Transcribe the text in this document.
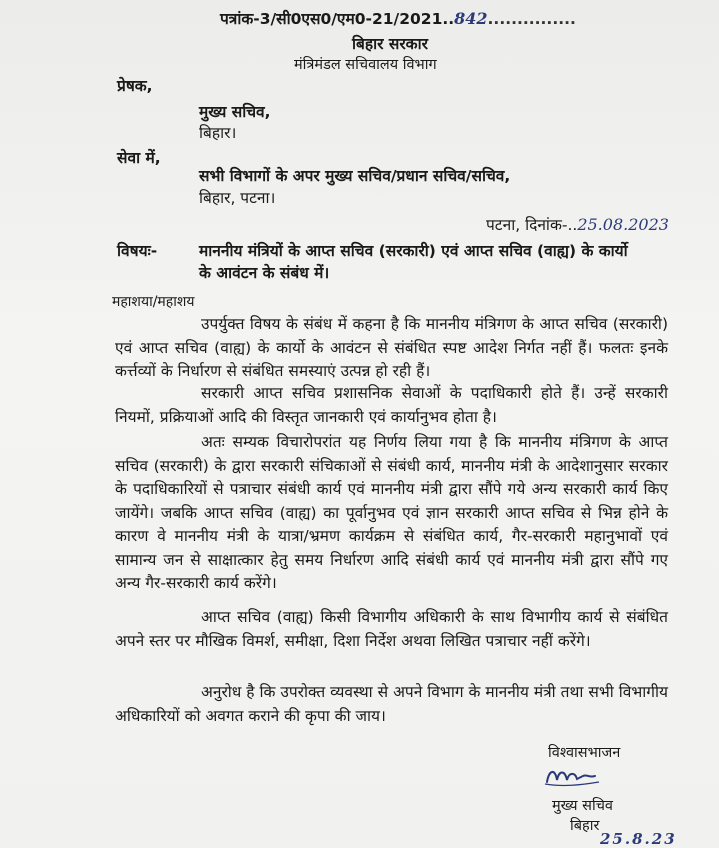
पत्रांक-3/सी0एस0/एम0-21/2021..842...............
बिहार सरकार
मंत्रिमंडल सचिवालय विभाग
प्रेषक,
मुख्य सचिव,
बिहार।
सेवा में,
सभी विभागों के अपर मुख्य सचिव/प्रधान सचिव/सचिव,
बिहार, पटना।
पटना, दिनांक-..25.08.2023
विषयः-	माननीय मंत्रियों के आप्त सचिव (सरकारी) एवं आप्त सचिव (वाह्य) के कार्यो
के आवंटन के संबंध में।
महाशया/महाशय
उपर्युक्त विषय के संबंध में कहना है कि माननीय मंत्रिगण के आप्त सचिव (सरकारी) एवं आप्त सचिव (वाह्य) के कार्यो के आवंटन से संबंधित स्पष्ट आदेश निर्गत नहीं हैं। फलतः इनके कर्त्तव्यों के निर्धारण से संबंधित समस्याएं उत्पन्न हो रही हैं।
सरकारी आप्त सचिव प्रशासनिक सेवाओं के पदाधिकारी होते हैं। उन्हें सरकारी नियमों, प्रक्रियाओं आदि की विस्तृत जानकारी एवं कार्यानुभव होता है।
अतः सम्यक विचारोपरांत यह निर्णय लिया गया है कि माननीय मंत्रिगण के आप्त सचिव (सरकारी) के द्वारा सरकारी संचिकाओं से संबंधी कार्य, माननीय मंत्री के आदेशानुसार सरकार के पदाधिकारियों से पत्राचार संबंधी कार्य एवं माननीय मंत्री द्वारा सौंपे गये अन्य सरकारी कार्य किए जायेंगे। जबकि आप्त सचिव (वाह्य) का पूर्वानुभव एवं ज्ञान सरकारी आप्त सचिव से भिन्न होने के कारण वे माननीय मंत्री के यात्रा/भ्रमण कार्यक्रम से संबंधित कार्य, गैर-सरकारी महानुभावों एवं सामान्य जन से साक्षात्कार हेतु समय निर्धारण आदि संबंधी कार्य एवं माननीय मंत्री द्वारा सौंपे गए अन्य गैर-सरकारी कार्य करेंगे।
आप्त सचिव (वाह्य) किसी विभागीय अधिकारी के साथ विभागीय कार्य से संबंधित अपने स्तर पर मौखिक विमर्श, समीक्षा, दिशा निर्देश अथवा लिखित पत्राचार नहीं करेंगे।
अनुरोध है कि उपरोक्त व्यवस्था से अपने विभाग के माननीय मंत्री तथा सभी विभागीय अधिकारियों को अवगत कराने की कृपा की जाय।
विश्वासभाजन
मुख्य सचिव
बिहार
25.8.23
